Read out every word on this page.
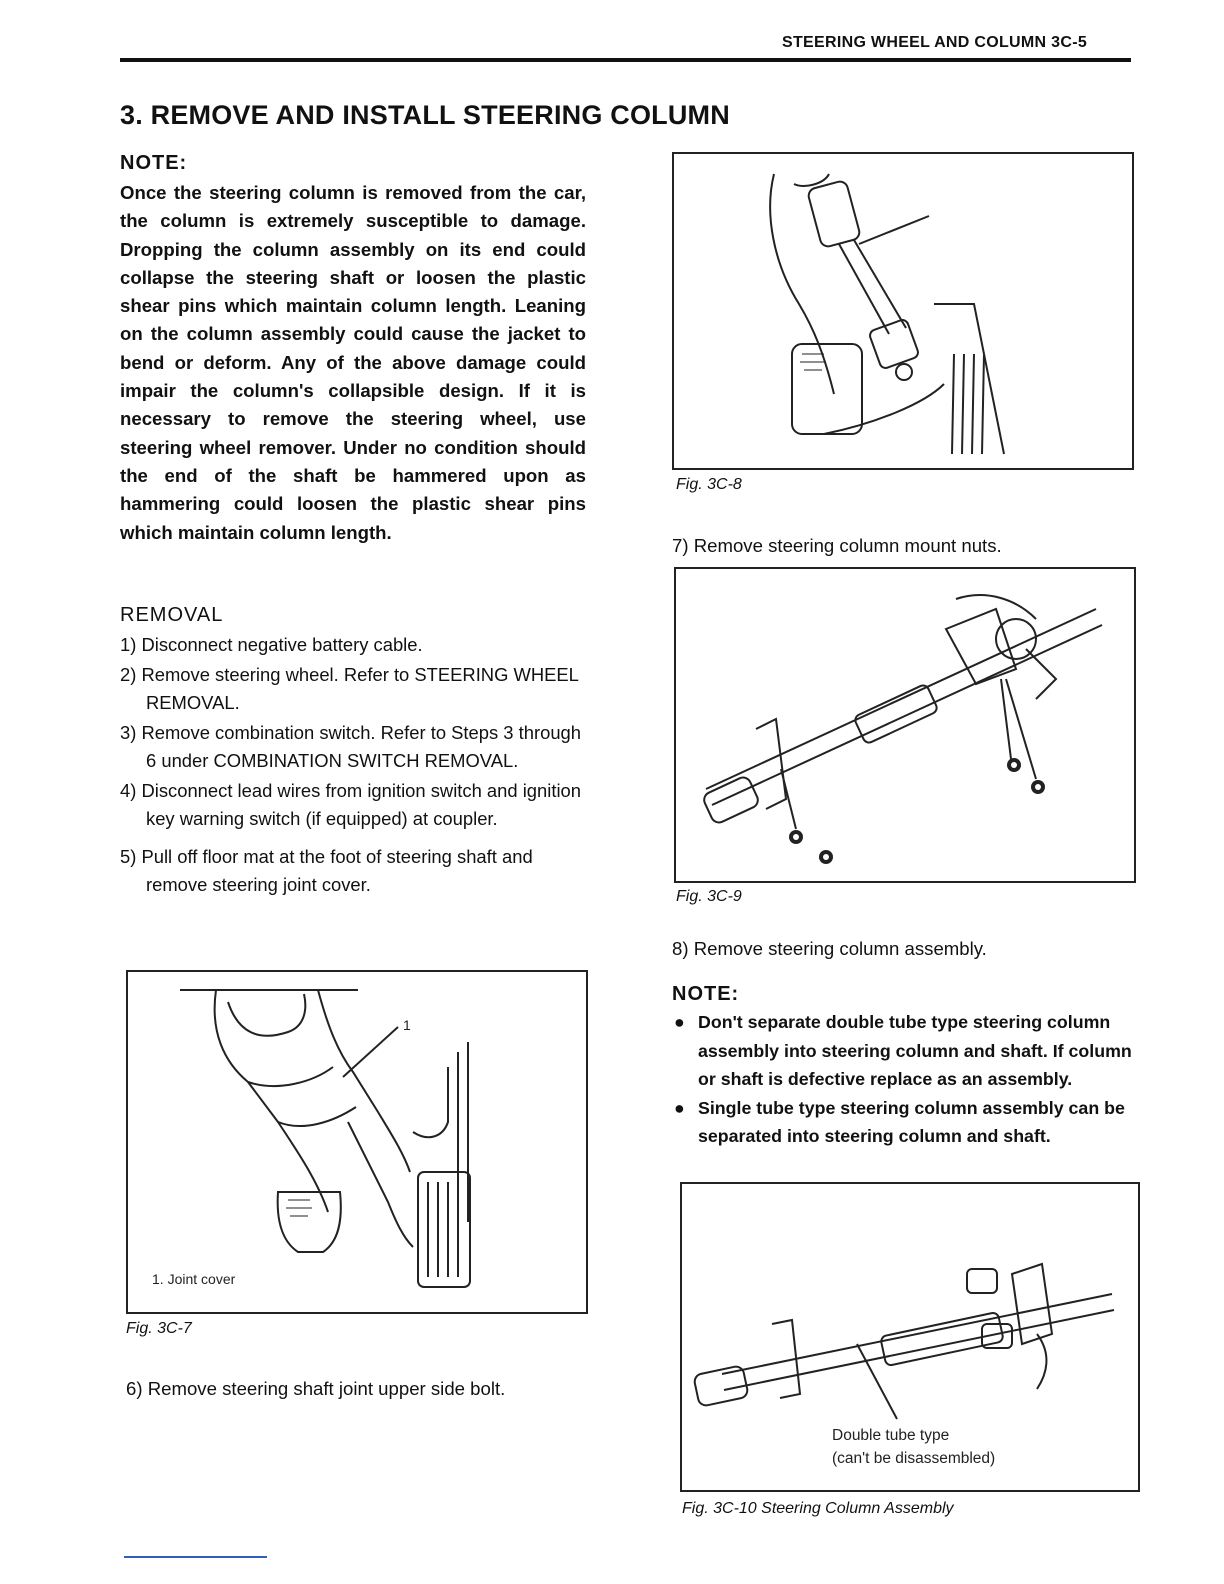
STEERING WHEEL AND COLUMN 3C-5
3. REMOVE AND INSTALL STEERING COLUMN
NOTE:
Once the steering column is removed from the car, the column is extremely susceptible to damage. Dropping the column assembly on its end could collapse the steering shaft or loosen the plastic shear pins which maintain column length. Leaning on the column assembly could cause the jacket to bend or deform. Any of the above damage could impair the column's collapsible design. If it is necessary to remove the steering wheel, use steering wheel remover. Under no condition should the end of the shaft be hammered upon as hammering could loosen the plastic shear pins which maintain column length.
REMOVAL
1) Disconnect negative battery cable.
2) Remove steering wheel. Refer to STEERING WHEEL REMOVAL.
3) Remove combination switch. Refer to Steps 3 through 6 under COMBINATION SWITCH REMOVAL.
4) Disconnect lead wires from ignition switch and ignition key warning switch (if equipped) at coupler.
5) Pull off floor mat at the foot of steering shaft and remove steering joint cover.
1
1. Joint cover
Fig. 3C-7
6) Remove steering shaft joint upper side bolt.
Fig. 3C-8
7) Remove steering column mount nuts.
Fig. 3C-9
8) Remove steering column assembly.
NOTE:
● Don't separate double tube type steering column assembly into steering column and shaft. If column or shaft is defective replace as an assembly.
● Single tube type steering column assembly can be separated into steering column and shaft.
Double tube type
(can't be disassembled)
Fig. 3C-10 Steering Column Assembly
